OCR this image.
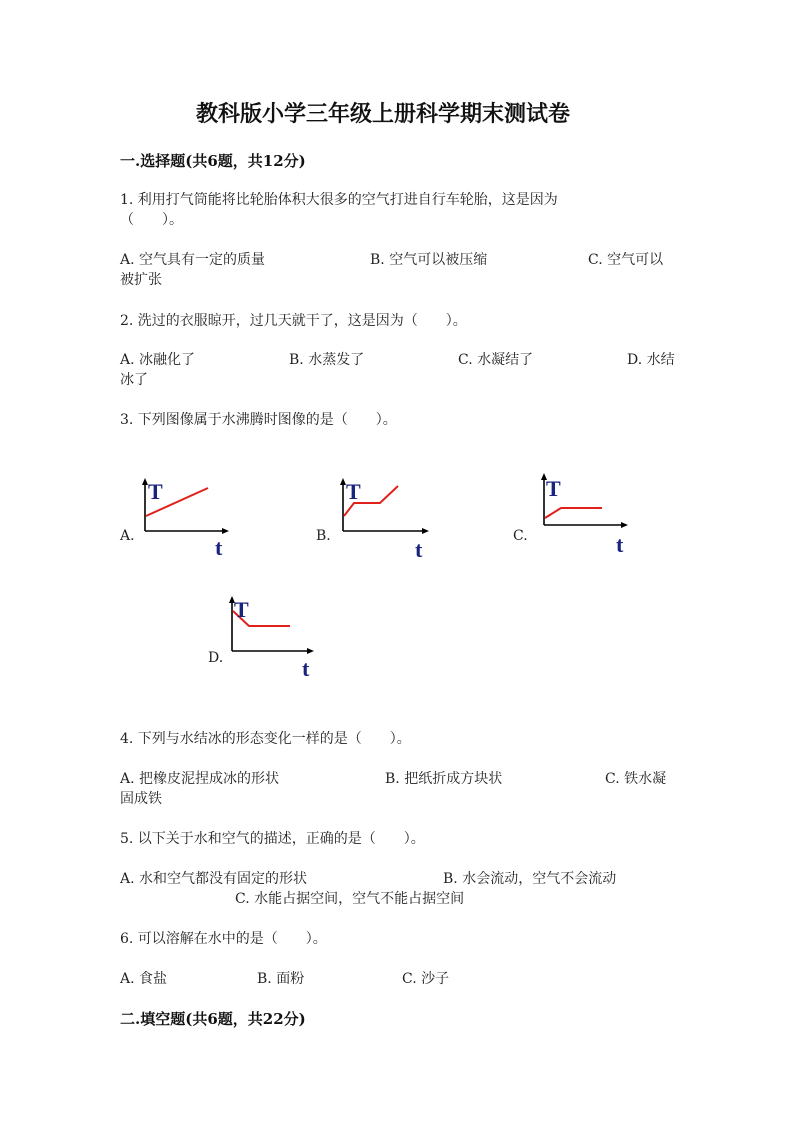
教科版小学三年级上册科学期末测试卷
一.选择题(共6题，共12分)
1. 利用打气筒能将比轮胎体积大很多的空气打进自行车轮胎，这是因为
（　　）。
A. 空气具有一定的质量	B. 空气可以被压缩	C. 空气可以
被扩张
2. 洗过的衣服晾开，过几天就干了，这是因为（　　）。
A. 冰融化了	B. 水蒸发了	C. 水凝结了	D. 水结
冰了
3. 下列图像属于水沸腾时图像的是（　　）。
A.
T
t	B.
T
t
C.
T
t
D.
T
t
4. 下列与水结冰的形态变化一样的是（　　）。
A. 把橡皮泥捏成冰的形状	B. 把纸折成方块状	C. 铁水凝
固成铁
5. 以下关于水和空气的描述，正确的是（　　）。
A. 水和空气都没有固定的形状	B. 水会流动，空气不会流动
C. 水能占据空间，空气不能占据空间
6. 可以溶解在水中的是（　　）。
A. 食盐	B. 面粉	C. 沙子
二.填空题(共6题，共22分)
